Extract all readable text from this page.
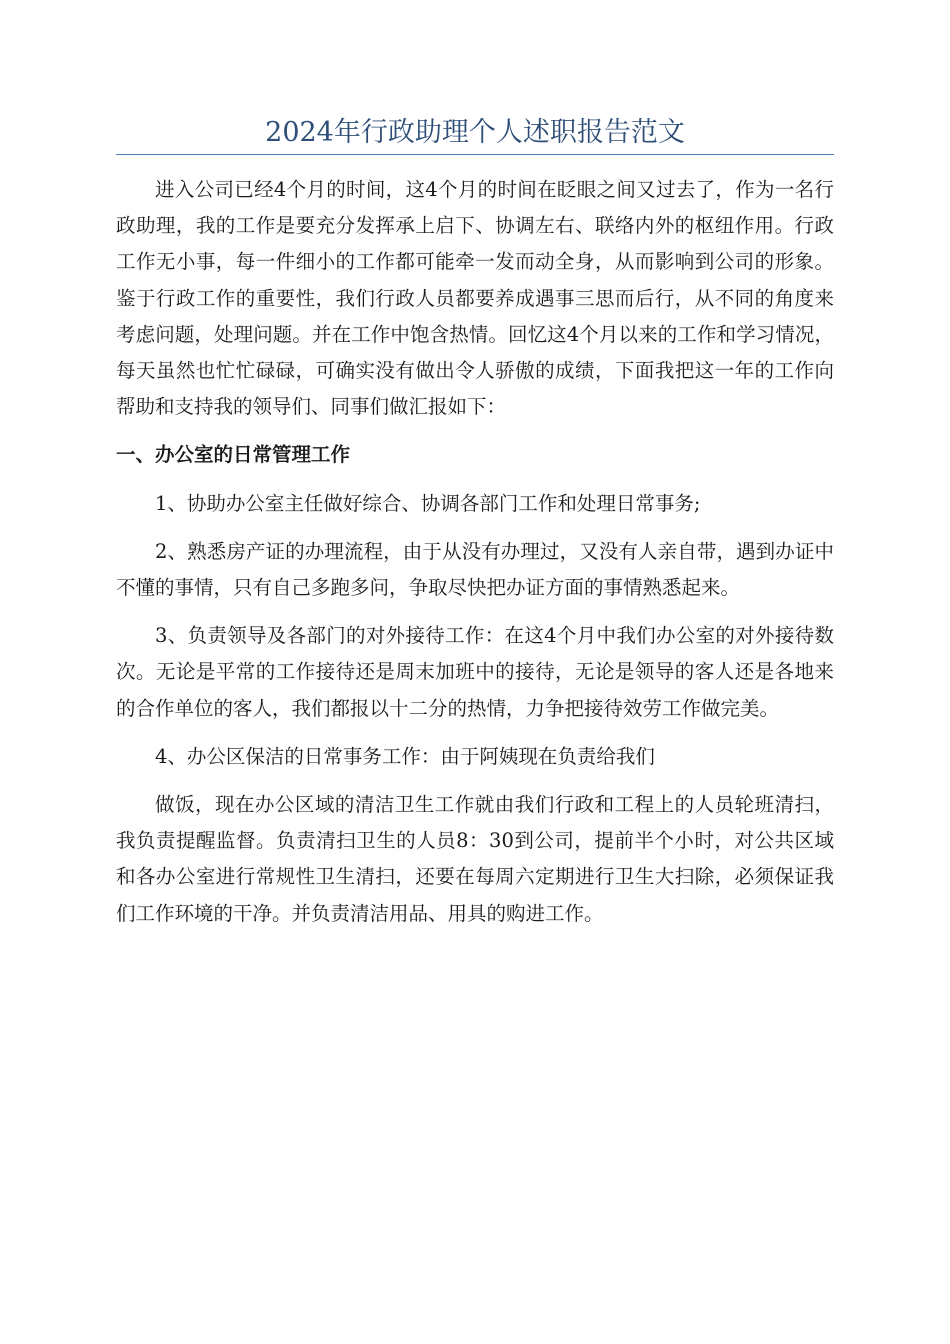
2024年行政助理个人述职报告范文

进入公司已经4个月的时间，这4个月的时间在眨眼之间又过去了，作为一名行政助理，我的工作是要充分发挥承上启下、协调左右、联络内外的枢纽作用。行政工作无小事，每一件细小的工作都可能牵一发而动全身，从而影响到公司的形象。鉴于行政工作的重要性，我们行政人员都要养成遇事三思而后行，从不同的角度来考虑问题，处理问题。并在工作中饱含热情。回忆这4个月以来的工作和学习情况，每天虽然也忙忙碌碌，可确实没有做出令人骄傲的成绩，下面我把这一年的工作向帮助和支持我的领导们、同事们做汇报如下：

一、办公室的日常管理工作

1、协助办公室主任做好综合、协调各部门工作和处理日常事务;

2、熟悉房产证的办理流程，由于从没有办理过，又没有人亲自带，遇到办证中不懂的事情，只有自己多跑多问，争取尽快把办证方面的事情熟悉起来。

3、负责领导及各部门的对外接待工作：在这4个月中我们办公室的对外接待数次。无论是平常的工作接待还是周末加班中的接待，无论是领导的客人还是各地来的合作单位的客人，我们都报以十二分的热情，力争把接待效劳工作做完美。

4、办公区保洁的日常事务工作：由于阿姨现在负责给我们

做饭，现在办公区域的清洁卫生工作就由我们行政和工程上的人员轮班清扫，我负责提醒监督。负责清扫卫生的人员8：30到公司，提前半个小时，对公共区域和各办公室进行常规性卫生清扫，还要在每周六定期进行卫生大扫除，必须保证我们工作环境的干净。并负责清洁用品、用具的购进工作。
